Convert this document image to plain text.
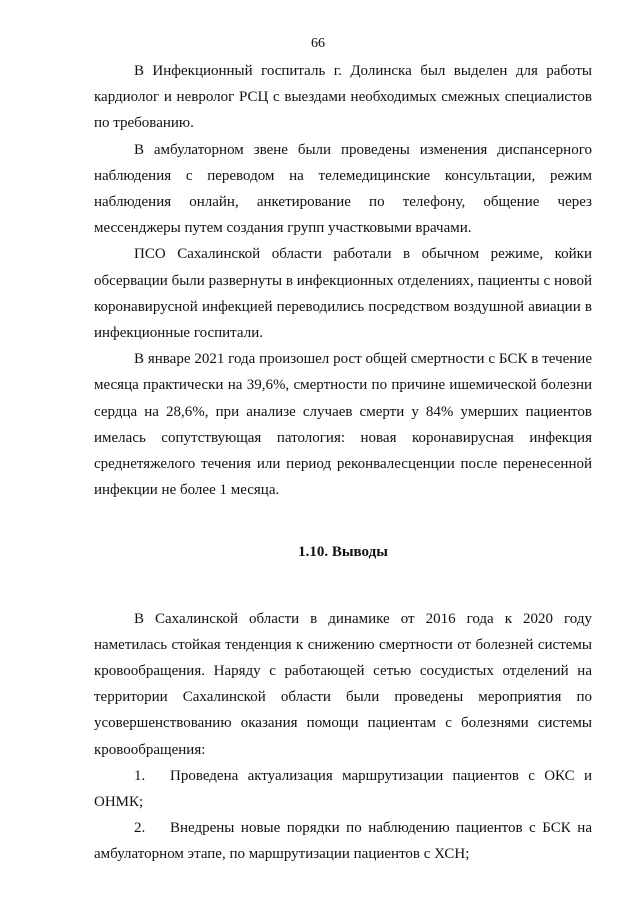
66

В Инфекционный госпиталь г. Долинска был выделен для работы кардиолог и невролог РСЦ с выездами необходимых смежных специалистов по требованию.

В амбулаторном звене были проведены изменения диспансерного наблюдения с переводом на телемедицинские консультации, режим наблюдения онлайн, анкетирование по телефону, общение через мессенджеры путем создания групп участковыми врачами.

ПСО Сахалинской области работали в обычном режиме, койки обсервации были развернуты в инфекционных отделениях, пациенты с новой коронавирусной инфекцией переводились посредством воздушной авиации в инфекционные госпитали.

В январе 2021 года произошел рост общей смертности с БСК в течение месяца практически на 39,6%, смертности по причине ишемической болезни сердца на 28,6%, при анализе случаев смерти у 84% умерших пациентов имелась сопутствующая патология: новая коронавирусная инфекция среднетяжелого течения или период реконвалесценции после перенесенной инфекции не более 1 месяца.

1.10. Выводы

В Сахалинской области в динамике от 2016 года к 2020 году наметилась стойкая тенденция к снижению смертности от болезней системы кровообращения. Наряду с работающей сетью сосудистых отделений на территории Сахалинской области были проведены мероприятия по усовершенствованию оказания помощи пациентам с болезнями системы кровообращения:

1. Проведена актуализация маршрутизации пациентов с ОКС и ОНМК;

2. Внедрены новые порядки по наблюдению пациентов с БСК на амбулаторном этапе, по маршрутизации пациентов с ХСН;
